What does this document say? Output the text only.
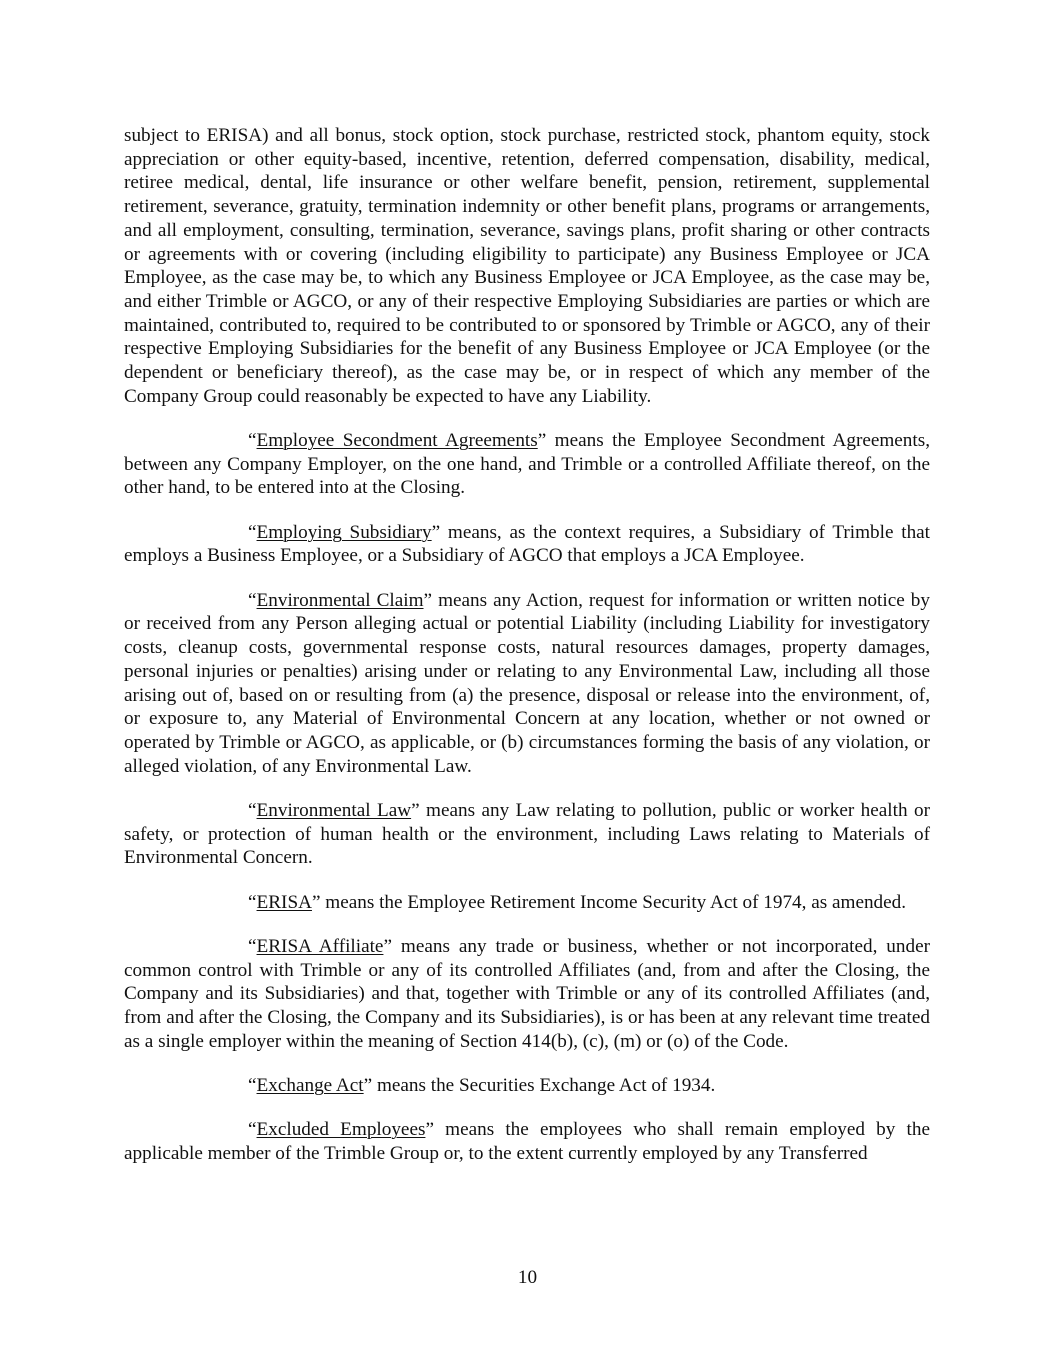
subject to ERISA) and all bonus, stock option, stock purchase, restricted stock, phantom equity, stock appreciation or other equity-based, incentive, retention, deferred compensation, disability, medical, retiree medical, dental, life insurance or other welfare benefit, pension, retirement, supplemental retirement, severance, gratuity, termination indemnity or other benefit plans, programs or arrangements, and all employment, consulting, termination, severance, savings plans, profit sharing or other contracts or agreements with or covering (including eligibility to participate) any Business Employee or JCA Employee, as the case may be, to which any Business Employee or JCA Employee, as the case may be, and either Trimble or AGCO, or any of their respective Employing Subsidiaries are parties or which are maintained, contributed to, required to be contributed to or sponsored by Trimble or AGCO, any of their respective Employing Subsidiaries for the benefit of any Business Employee or JCA Employee (or the dependent or beneficiary thereof), as the case may be, or in respect of which any member of the Company Group could reasonably be expected to have any Liability.

“Employee Secondment Agreements” means the Employee Secondment Agreements, between any Company Employer, on the one hand, and Trimble or a controlled Affiliate thereof, on the other hand, to be entered into at the Closing.

“Employing Subsidiary” means, as the context requires, a Subsidiary of Trimble that employs a Business Employee, or a Subsidiary of AGCO that employs a JCA Employee.

“Environmental Claim” means any Action, request for information or written notice by or received from any Person alleging actual or potential Liability (including Liability for investigatory costs, cleanup costs, governmental response costs, natural resources damages, property damages, personal injuries or penalties) arising under or relating to any Environmental Law, including all those arising out of, based on or resulting from (a) the presence, disposal or release into the environment, of, or exposure to, any Material of Environmental Concern at any location, whether or not owned or operated by Trimble or AGCO, as applicable, or (b) circumstances forming the basis of any violation, or alleged violation, of any Environmental Law.

“Environmental Law” means any Law relating to pollution, public or worker health or safety, or protection of human health or the environment, including Laws relating to Materials of Environmental Concern.

“ERISA” means the Employee Retirement Income Security Act of 1974, as amended.

“ERISA Affiliate” means any trade or business, whether or not incorporated, under common control with Trimble or any of its controlled Affiliates (and, from and after the Closing, the Company and its Subsidiaries) and that, together with Trimble or any of its controlled Affiliates (and, from and after the Closing, the Company and its Subsidiaries), is or has been at any relevant time treated as a single employer within the meaning of Section 414(b), (c), (m) or (o) of the Code.

“Exchange Act” means the Securities Exchange Act of 1934.

“Excluded Employees” means the employees who shall remain employed by the applicable member of the Trimble Group or, to the extent currently employed by any Transferred

10
